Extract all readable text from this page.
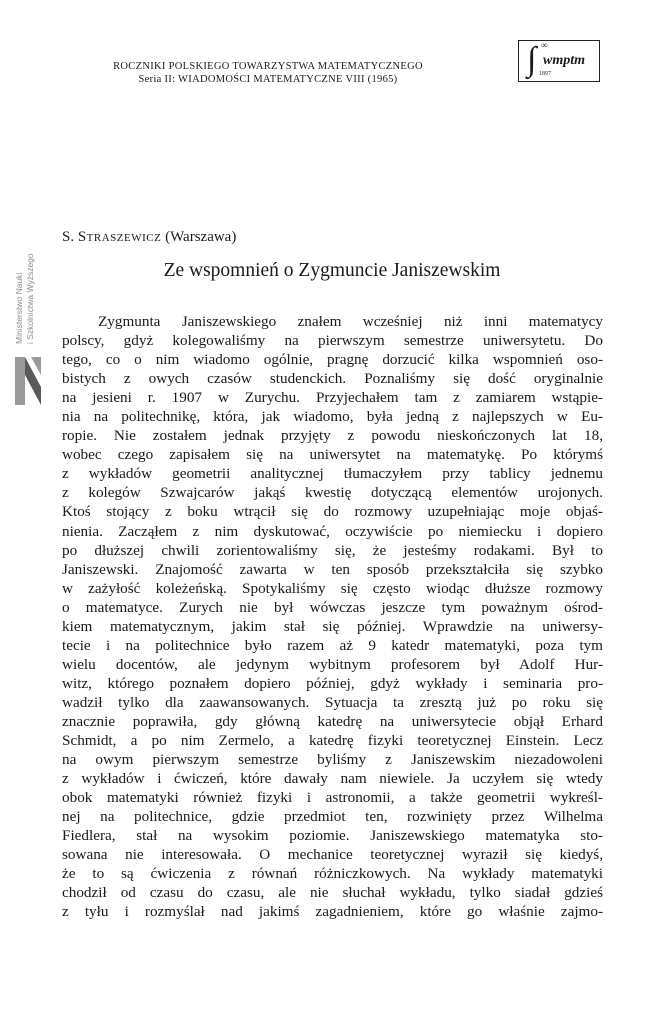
ROCZNIKI POLSKIEGO TOWARZYSTWA MATEMATYCZNEGO
Seria II: WIADOMOŚCI MATEMATYCZNE VIII (1965)
∫ ∞
wmptm
1897
Ministerstwo Nauki i Szkolnictwa Wyższego
S. Straszewicz (Warszawa)
Ze wspomnień o Zygmuncie Janiszewskim
Zygmunta Janiszewskiego znałem wcześniej niż inni matematycy
polscy, gdyż kolegowaliśmy na pierwszym semestrze uniwersytetu. Do
tego, co o nim wiadomo ogólnie, pragnę dorzucić kilka wspomnień oso-
bistych z owych czasów studenckich. Poznaliśmy się dość oryginalnie
na jesieni r. 1907 w Zurychu. Przyjechałem tam z zamiarem wstąpie-
nia na politechnikę, która, jak wiadomo, była jedną z najlepszych w Eu-
ropie. Nie zostałem jednak przyjęty z powodu nieskończonych lat 18,
wobec czego zapisałem się na uniwersytet na matematykę. Po którymś
z wykładów geometrii analitycznej tłumaczyłem przy tablicy jednemu
z kolegów Szwajcarów jakąś kwestię dotyczącą elementów urojonych.
Ktoś stojący z boku wtrącił się do rozmowy uzupełniając moje objaś-
nienia. Zacząłem z nim dyskutować, oczywiście po niemiecku i dopiero
po dłuższej chwili zorientowaliśmy się, że jesteśmy rodakami. Był to
Janiszewski. Znajomość zawarta w ten sposób przekształciła się szybko
w zażyłość koleżeńską. Spotykaliśmy się często wiodąc dłuższe rozmowy
o matematyce. Zurych nie był wówczas jeszcze tym poważnym ośrod-
kiem matematycznym, jakim stał się później. Wprawdzie na uniwersy-
tecie i na politechnice było razem aż 9 katedr matematyki, poza tym
wielu docentów, ale jedynym wybitnym profesorem był Adolf Hur-
witz, którego poznałem dopiero później, gdyż wykłady i seminaria pro-
wadził tylko dla zaawansowanych. Sytuacja ta zresztą już po roku się
znacznie poprawiła, gdy główną katedrę na uniwersytecie objął Erhard
Schmidt, a po nim Zermelo, a katedrę fizyki teoretycznej Einstein. Lecz
na owym pierwszym semestrze byliśmy z Janiszewskim niezadowoleni
z wykładów i ćwiczeń, które dawały nam niewiele. Ja uczyłem się wtedy
obok matematyki również fizyki i astronomii, a także geometrii wykreśl-
nej na politechnice, gdzie przedmiot ten, rozwinięty przez Wilhelma
Fiedlera, stał na wysokim poziomie. Janiszewskiego matematyka sto-
sowana nie interesowała. O mechanice teoretycznej wyraził się kiedyś,
że to są ćwiczenia z równań różniczkowych. Na wykłady matematyki
chodził od czasu do czasu, ale nie słuchał wykładu, tylko siadał gdzieś
z tyłu i rozmyślał nad jakimś zagadnieniem, które go właśnie zajmo-
